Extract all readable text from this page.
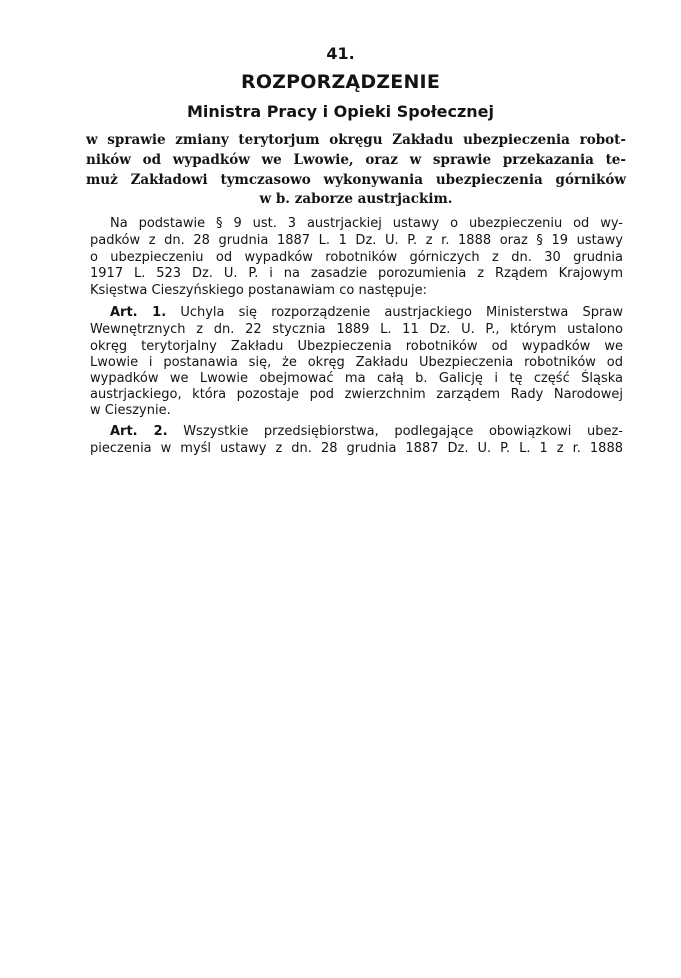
41.
ROZPORZĄDZENIE
Ministra Pracy i Opieki Społecznej
w sprawie zmiany terytorjum okręgu Zakładu ubezpieczenia robot-
ników od wypadków we Lwowie, oraz w sprawie przekazania te-
muż Zakładowi tymczasowo wykonywania ubezpieczenia górników
w b. zaborze austrjackim.
Na podstawie § 9 ust. 3 austrjackiej ustawy o ubezpieczeniu od wy-
padków z dn. 28 grudnia 1887 L. 1 Dz. U. P. z r. 1888 oraz § 19 ustawy
o ubezpieczeniu od wypadków robotników górniczych z dn. 30 grudnia
1917 L. 523 Dz. U. P. i na zasadzie porozumienia z Rządem Krajowym
Księstwa Cieszyńskiego postanawiam co następuje:
Art. 1. Uchyla się rozporządzenie austrjackiego Ministerstwa Spraw
Wewnętrznych z dn. 22 stycznia 1889 L. 11 Dz. U. P., którym ustalono
okręg terytorjalny Zakładu Ubezpieczenia robotników od wypadków we
Lwowie i postanawia się, że okręg Zakładu Ubezpieczenia robotników od
wypadków we Lwowie obejmować ma całą b. Galicję i tę część Śląska
austrjackiego, która pozostaje pod zwierzchnim zarządem Rady Narodowej
w Cieszynie.
Art. 2. Wszystkie przedsiębiorstwa, podlegające obowiązkowi ubez-
pieczenia w myśl ustawy z dn. 28 grudnia 1887 Dz. U. P. L. 1 z r. 1888
